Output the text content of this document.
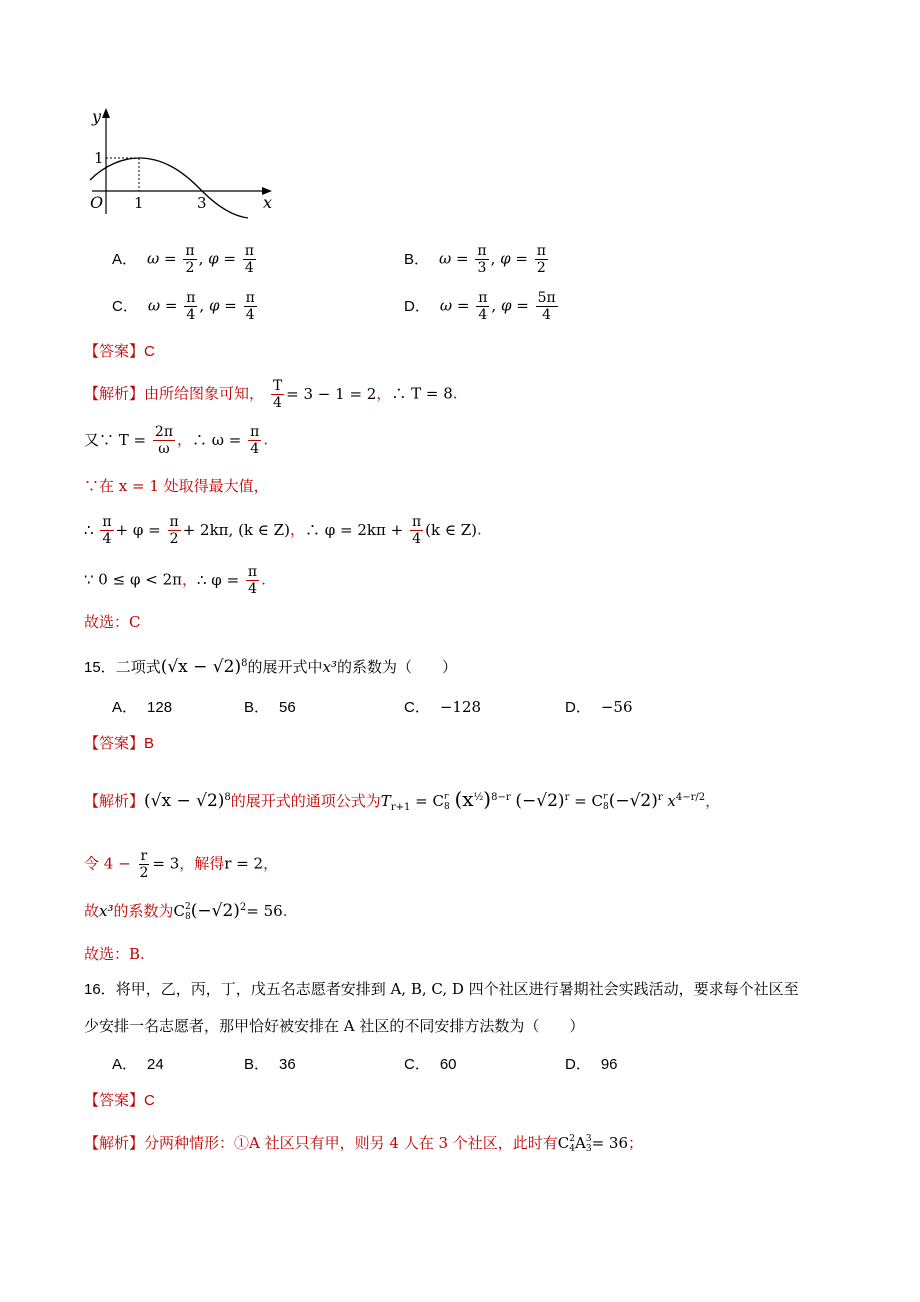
y
1
O 1	3	x
A． $\omega = \frac{\pi}{2}$ , $\varphi = \frac{\pi}{4}$	B． $\omega = \frac{\pi}{3}$ , $\varphi = \frac{\pi}{2}$
C． $\omega = \frac{\pi}{4}$ , $\varphi = \frac{\pi}{4}$	D． $\omega = \frac{\pi}{4}$ , $\varphi = \frac{5\pi}{4}$
【答案】C
【解析】由所给图象可知， $\frac{T}{4} = 3 - 1 = 2$，∴ T = 8.
又∵ $T = \frac{2\pi}{\omega}$ ，∴ $\omega = \frac{\pi}{4}$ .
∵在 x = 1 处取得最大值，
∴ $\frac{\pi}{4} + \varphi = \frac{\pi}{2} + 2k\pi$, (k ∈ Z)，∴ $\varphi = 2k\pi + \frac{\pi}{4} (k$ ∈ Z).
∵ 0 ≤ φ < 2π，∴ $\varphi = \frac{\pi}{4}$ .
故选：C
15．二项式$(√x - √2)^8$的展开式中x³的系数为（　　）
A． 128	B． 56	C． −128	D． −56
【答案】B
【解析】$(√x - √2)^8$的展开式的通项公式为$T_{r+1} = C$ r
8 $(x^{\frac{1}{2}})^{8-r}$ $(-√2)^r = C$ r
8 $(-√2)^r$ $x^{4-r/2}$，
令 $4 - \frac{r}{2} = 3$，解得r = 2，
故x³的系数为C 2
8 $(-√2)^2= 56$.
故选：B.
16．将甲，乙，丙，丁，戊五名志愿者安排到 A, B, C, D 四个社区进行暑期社会实践活动，要求每个社区至
少安排一名志愿者，那甲恰好被安排在 A 社区的不同安排方法数为（　　）
A． 24	B． 36	C． 60	D． 96
【答案】C
【解析】分两种情形：①A 社区只有甲，则另 4 人在 3 个社区，此时有C 2
4 A 3
3 = 36；
